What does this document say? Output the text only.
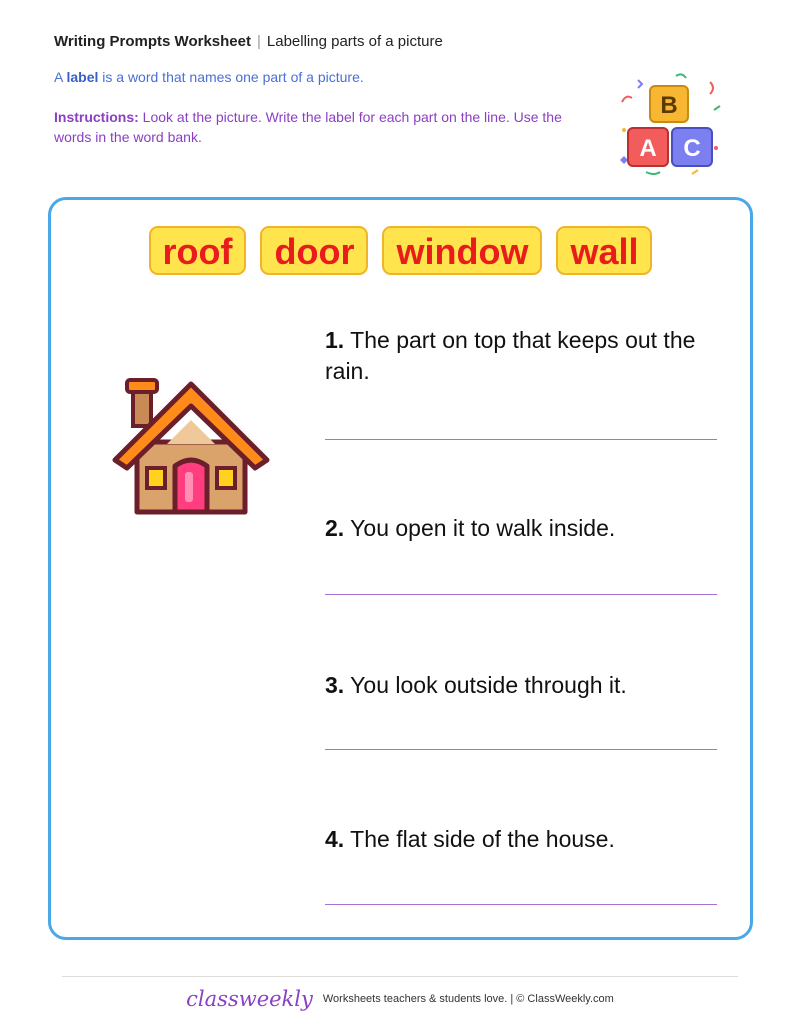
Writing Prompts Worksheet | Labelling parts of a picture
A label is a word that names one part of a picture.
Instructions: Look at the picture. Write the label for each part on the line. Use the words in the word bank.
B
A C
roof	door	window	wall
1. The part on top that keeps out the rain.
2. You open it to walk inside.
3. You look outside through it.
4. The flat side of the house.
classweekly Worksheets teachers & students love. | © ClassWeekly.com
